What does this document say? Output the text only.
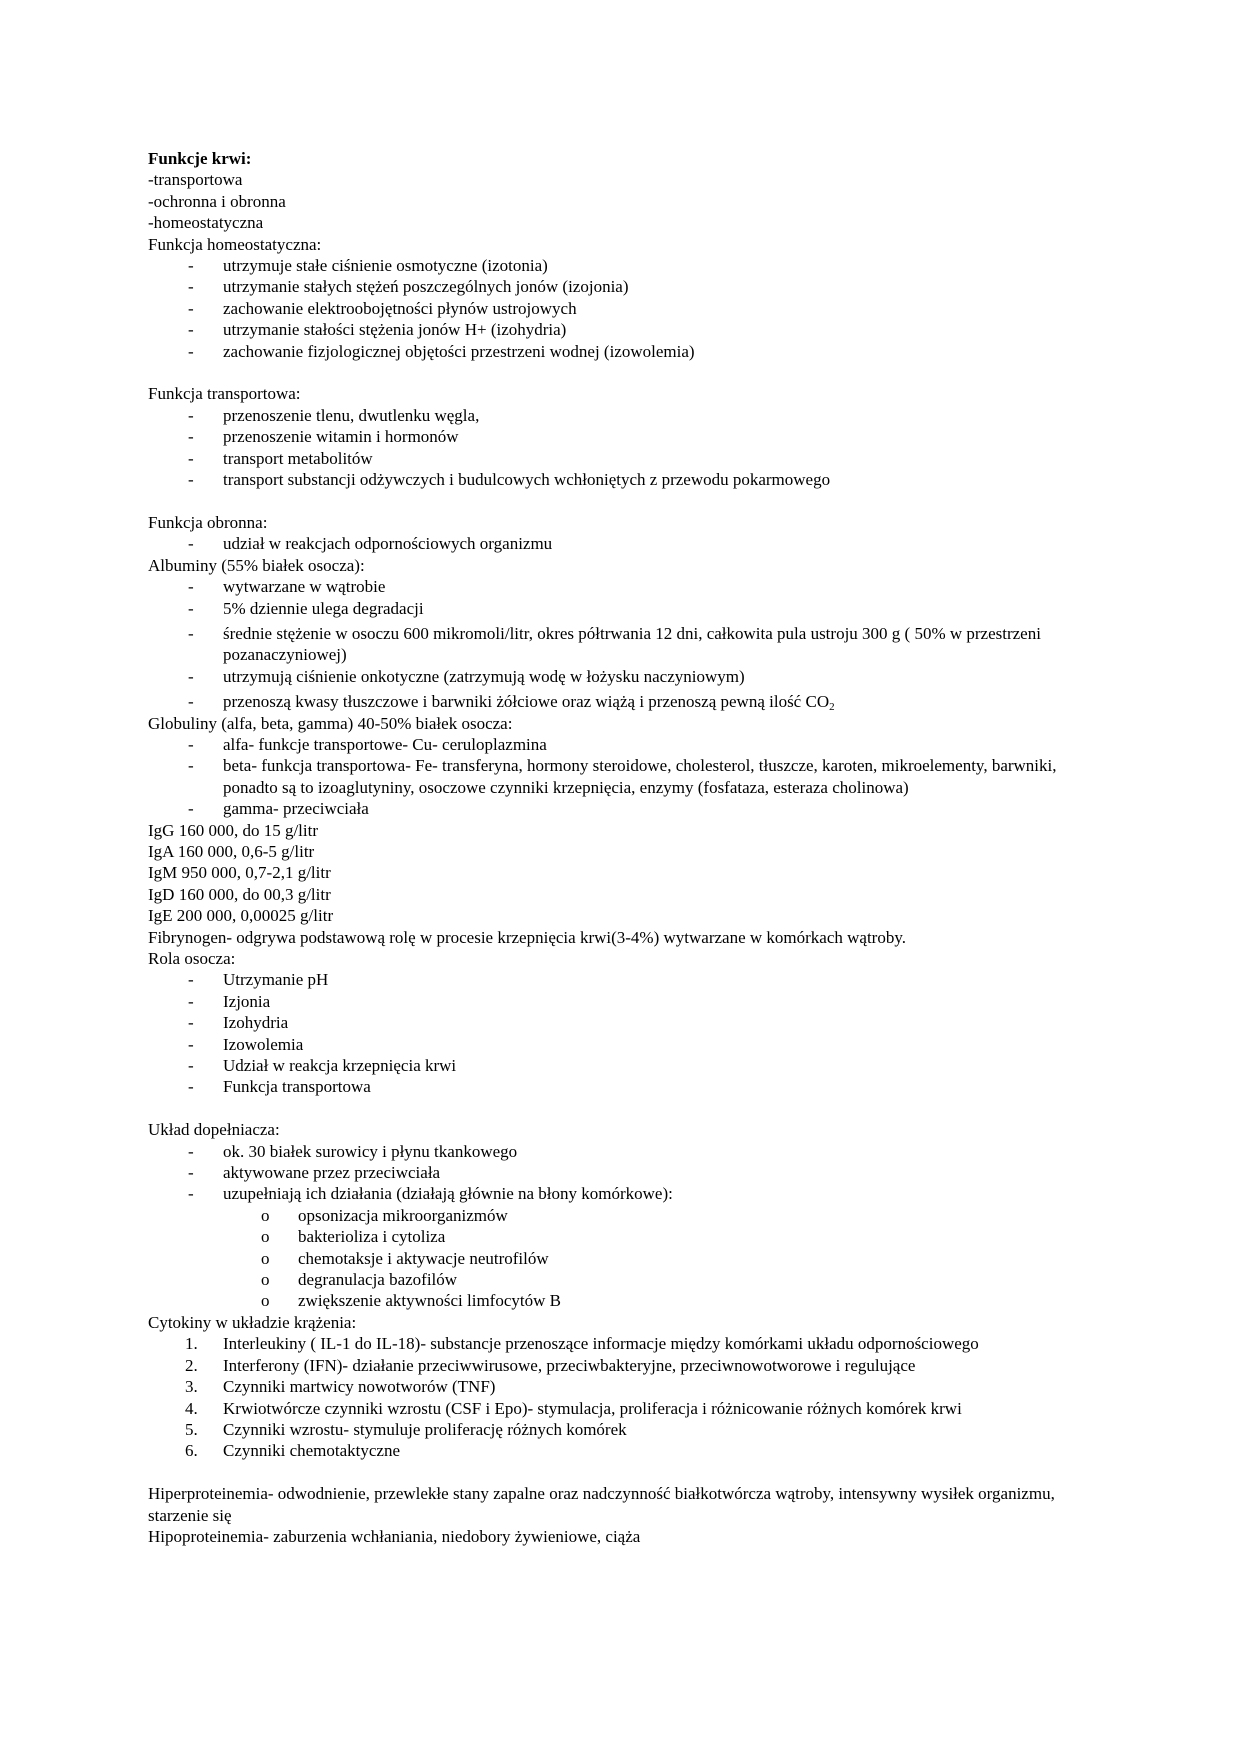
Funkcje krwi:
-transportowa
-ochronna i obronna
-homeostatyczna
Funkcja homeostatyczna:
- utrzymuje stałe ciśnienie osmotyczne (izotonia)
- utrzymanie stałych stężeń poszczególnych jonów (izojonia)
- zachowanie elektroobojętności płynów ustrojowych
- utrzymanie stałości stężenia jonów H+ (izohydria)
- zachowanie fizjologicznej objętości przestrzeni wodnej (izowolemia)
Funkcja transportowa:
- przenoszenie tlenu, dwutlenku węgla,
- przenoszenie witamin i hormonów
- transport metabolitów
- transport substancji odżywczych i budulcowych wchłoniętych z przewodu pokarmowego
Funkcja obronna:
- udział w reakcjach odpornościowych organizmu
Albuminy (55% białek osocza):
- wytwarzane w wątrobie
- 5% dziennie ulega degradacji
- średnie stężenie w osoczu 600 mikromoli/litr, okres półtrwania 12 dni, całkowita pula ustroju 300 g ( 50% w przestrzeni pozanaczyniowej)
- utrzymują ciśnienie onkotyczne (zatrzymują wodę w łożysku naczyniowym)
- przenoszą kwasy tłuszczowe i barwniki żółciowe oraz wiążą i przenoszą pewną ilość $CO_2$
Globuliny (alfa, beta, gamma) 40-50% białek osocza:
- alfa- funkcje transportowe- Cu- ceruloplazmina
- beta- funkcja transportowa- Fe- transferyna, hormony steroidowe, cholesterol, tłuszcze, karoten, mikroelementy, barwniki, ponadto są to izoaglutyniny, osoczowe czynniki krzepnięcia, enzymy (fosfataza, esteraza cholinowa)
- gamma- przeciwciała
IgG 160 000, do 15 g/litr
IgA 160 000, 0,6-5 g/litr
IgM 950 000, 0,7-2,1 g/litr
IgD 160 000, do 00,3 g/litr
IgE 200 000, 0,00025 g/litr
Fibrynogen- odgrywa podstawową rolę w procesie krzepnięcia krwi(3-4%) wytwarzane w komórkach wątroby.
Rola osocza:
- Utrzymanie pH
- Izjonia
- Izohydria
- Izowolemia
- Udział w reakcja krzepnięcia krwi
- Funkcja transportowa
Układ dopełniacza:
- ok. 30 białek surowicy i płynu tkankowego
- aktywowane przez przeciwciała
- uzupełniają ich działania (działają głównie na błony komórkowe):
o opsonizacja mikroorganizmów
o bakterioliza i cytoliza
o chemotaksje i aktywacje neutrofilów
o degranulacja bazofilów
o zwiększenie aktywności limfocytów B
Cytokiny w układzie krążenia:
1. Interleukiny ( IL-1 do IL-18)- substancje przenoszące informacje między komórkami układu odpornościowego
2. Interferony (IFN)- działanie przeciwwirusowe, przeciwbakteryjne, przeciwnowotworowe i regulujące
3. Czynniki martwicy nowotworów (TNF)
4. Krwiotwórcze czynniki wzrostu (CSF i Epo)- stymulacja, proliferacja i różnicowanie różnych komórek krwi
5. Czynniki wzrostu- stymuluje proliferację różnych komórek
6. Czynniki chemotaktyczne
Hiperproteinemia- odwodnienie, przewlekłe stany zapalne oraz nadczynność białkotwórcza wątroby, intensywny wysiłek organizmu, starzenie się
Hipoproteinemia- zaburzenia wchłaniania, niedobory żywieniowe, ciąża
